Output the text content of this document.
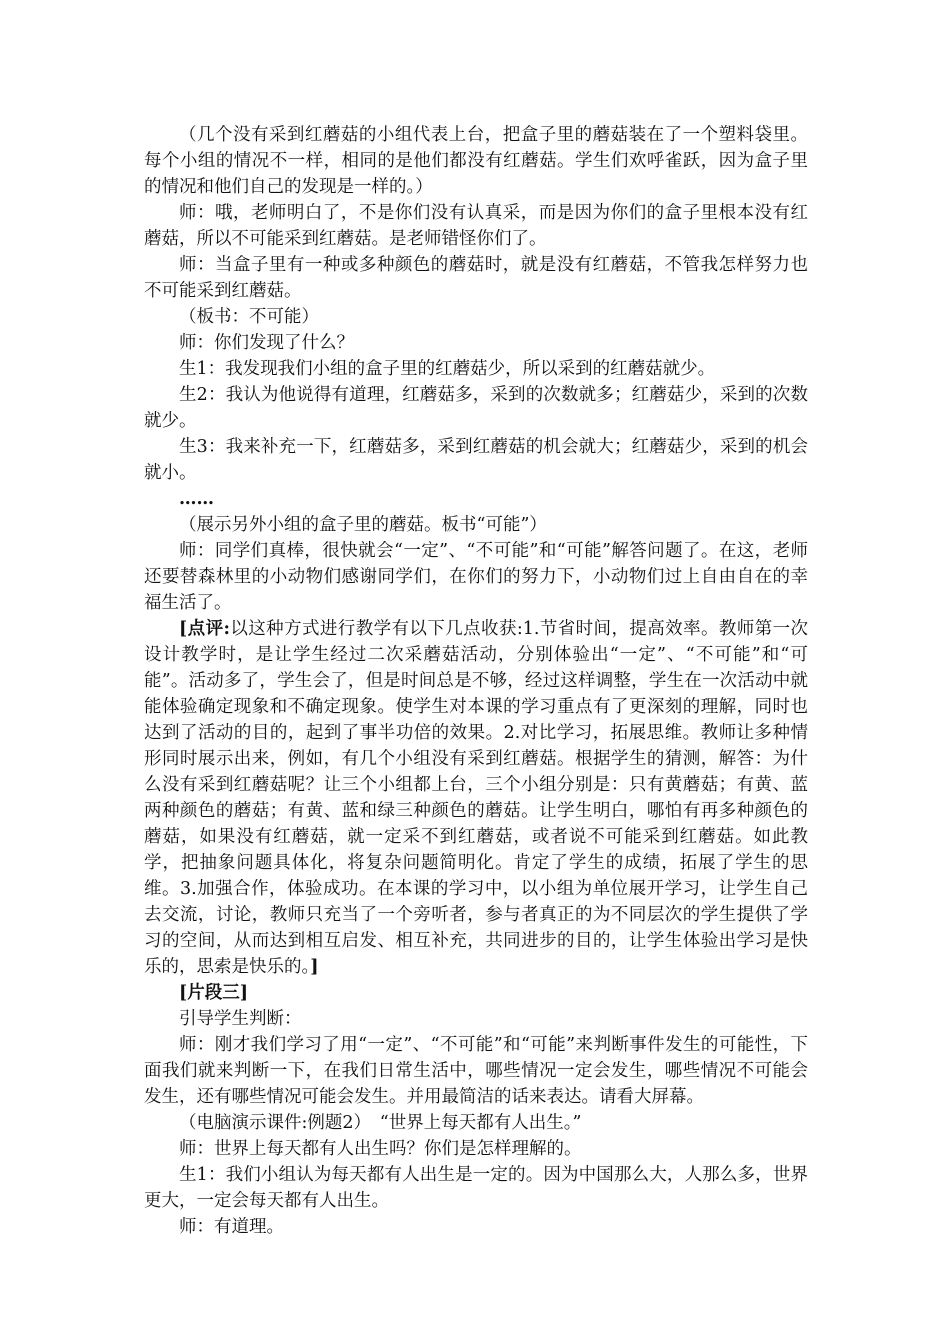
（几个没有采到红蘑菇的小组代表上台，把盒子里的蘑菇装在了一个塑料袋里。每个小组的情况不一样，相同的是他们都没有红蘑菇。学生们欢呼雀跃，因为盒子里的情况和他们自己的发现是一样的。）

师：哦，老师明白了，不是你们没有认真采，而是因为你们的盒子里根本没有红蘑菇，所以不可能采到红蘑菇。是老师错怪你们了。

师：当盒子里有一种或多种颜色的蘑菇时，就是没有红蘑菇，不管我怎样努力也不可能采到红蘑菇。

（板书：不可能）

师：你们发现了什么？

生1：我发现我们小组的盒子里的红蘑菇少，所以采到的红蘑菇就少。

生2：我认为他说得有道理，红蘑菇多，采到的次数就多；红蘑菇少，采到的次数就少。

生3：我来补充一下，红蘑菇多，采到红蘑菇的机会就大；红蘑菇少，采到的机会就小。

……

（展示另外小组的盒子里的蘑菇。板书“可能”）

师：同学们真棒，很快就会“一定”、“不可能”和“可能”解答问题了。在这，老师还要替森林里的小动物们感谢同学们，在你们的努力下，小动物们过上自由自在的幸福生活了。

[点评:以这种方式进行教学有以下几点收获:1.节省时间，提高效率。教师第一次设计教学时，是让学生经过二次采蘑菇活动，分别体验出“一定”、“不可能”和“可能”。活动多了，学生会了，但是时间总是不够，经过这样调整，学生在一次活动中就能体验确定现象和不确定现象。使学生对本课的学习重点有了更深刻的理解，同时也达到了活动的目的，起到了事半功倍的效果。2.对比学习，拓展思维。教师让多种情形同时展示出来，例如，有几个小组没有采到红蘑菇。根据学生的猜测，解答：为什么没有采到红蘑菇呢？让三个小组都上台，三个小组分别是：只有黄蘑菇；有黄、蓝两种颜色的蘑菇；有黄、蓝和绿三种颜色的蘑菇。让学生明白，哪怕有再多种颜色的蘑菇，如果没有红蘑菇，就一定采不到红蘑菇，或者说不可能采到红蘑菇。如此教学，把抽象问题具体化，将复杂问题简明化。肯定了学生的成绩，拓展了学生的思维。3.加强合作，体验成功。在本课的学习中，以小组为单位展开学习，让学生自己去交流，讨论，教师只充当了一个旁听者，参与者真正的为不同层次的学生提供了学习的空间，从而达到相互启发、相互补充，共同进步的目的，让学生体验出学习是快乐的，思索是快乐的。]

[片段三]

引导学生判断：

师：刚才我们学习了用“一定”、“不可能”和“可能”来判断事件发生的可能性，下面我们就来判断一下，在我们日常生活中，哪些情况一定会发生，哪些情况不可能会发生，还有哪些情况可能会发生。并用最简洁的话来表达。请看大屏幕。

（电脑演示课件:例题2）　“世界上每天都有人出生。”

师：世界上每天都有人出生吗？你们是怎样理解的。

生1：我们小组认为每天都有人出生是一定的。因为中国那么大，人那么多，世界更大，一定会每天都有人出生。

师：有道理。
